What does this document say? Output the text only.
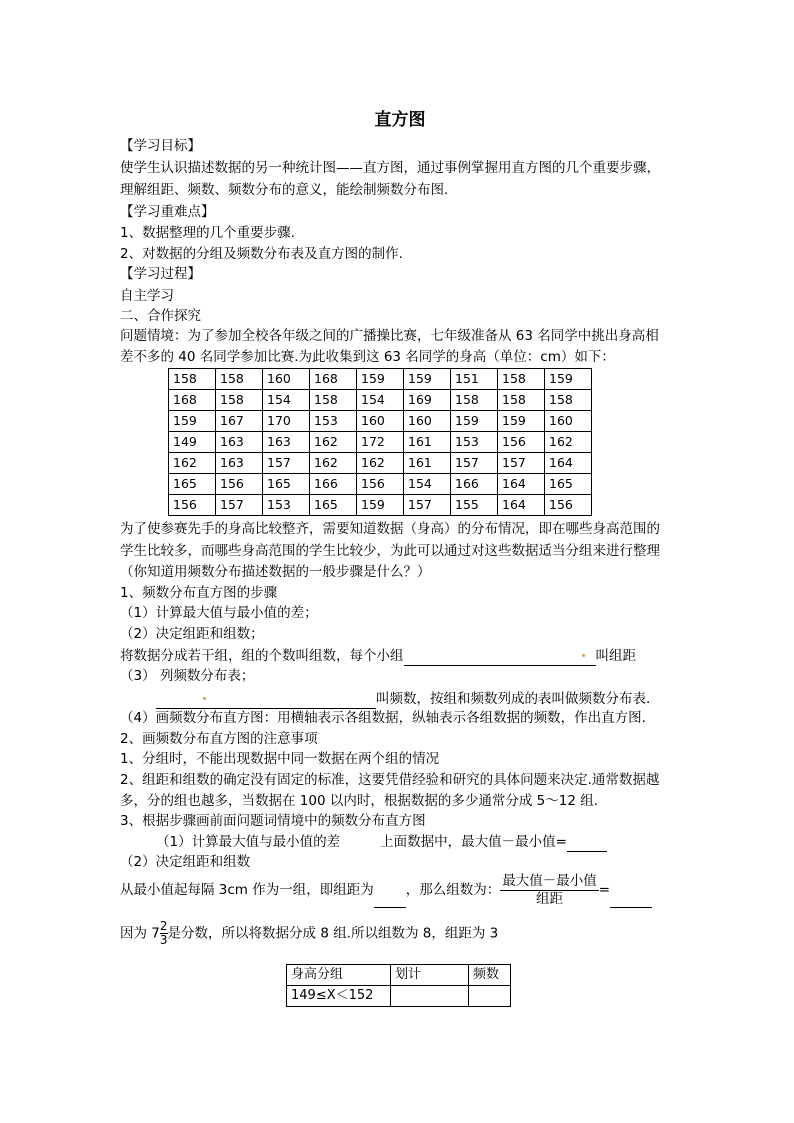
直方图
【学习目标】
使学生认识描述数据的另一种统计图——直方图，通过事例掌握用直方图的几个重要步骤，
理解组距、频数、频数分布的意义，能绘制频数分布图.
【学习重难点】
1、数据整理的几个重要步骤.
2、对数据的分组及频数分布表及直方图的制作.
【学习过程】
自主学习
二、合作探究
问题情境：为了参加全校各年级之间的广播操比赛，七年级准备从 63 名同学中挑出身高相
差不多的 40 名同学参加比赛.为此收集到这 63 名同学的身高（单位：cm）如下：
158	158	160	168	159	159	151	158	159
168	158	154	158	154	169	158	158	158
159	167	170	153	160	160	159	159	160
149	163	163	162	172	161	153	156	162
162	163	157	162	162	161	157	157	164
165	156	165	166	156	154	166	164	165
156	157	153	165	159	157	155	164	156
为了使参赛先手的身高比较整齐，需要知道数据（身高）的分布情况，即在哪些身高范围的
学生比较多，而哪些身高范围的学生比较少，为此可以通过对这些数据适当分组来进行整理
（你知道用频数分布描述数据的一般步骤是什么？）
1、频数分布直方图的步骤
（1）计算最大值与最小值的差；
（2）决定组距和组数；
将数据分成若干组，组的个数叫组数，每个小组	叫组距
（3） 列频数分布表；
叫频数，按组和频数列成的表叫做频数分布表.
（4）画频数分布直方图：用横轴表示各组数据，纵轴表示各组数据的频数，作出直方图.
2、画频数分布直方图的注意事项
1、分组时，不能出现数据中同一数据在两个组的情况
2、组距和组数的确定没有固定的标准，这要凭借经验和研究的具体问题来决定.通常数据越
多，分的组也越多，当数据在 100 以内时，根据数据的多少通常分成 5～12 组.
3、根据步骤画前面问题词情境中的频数分布直方图
（1）计算最大值与最小值的差	上面数据中，最大值－最小值=
（2）决定组距和组数
从最小值起每隔 3cm 作为一组，即组距为 ，那么组数为： $\frac{\text{最大值－最小值}}{\text{组距}}$ =
因为 $7 \frac{2}{3}$ 是分数，所以将数据分成 8 组.所以组数为 8，组距为 3
身高分组	划计	频数
149≤X＜152		
